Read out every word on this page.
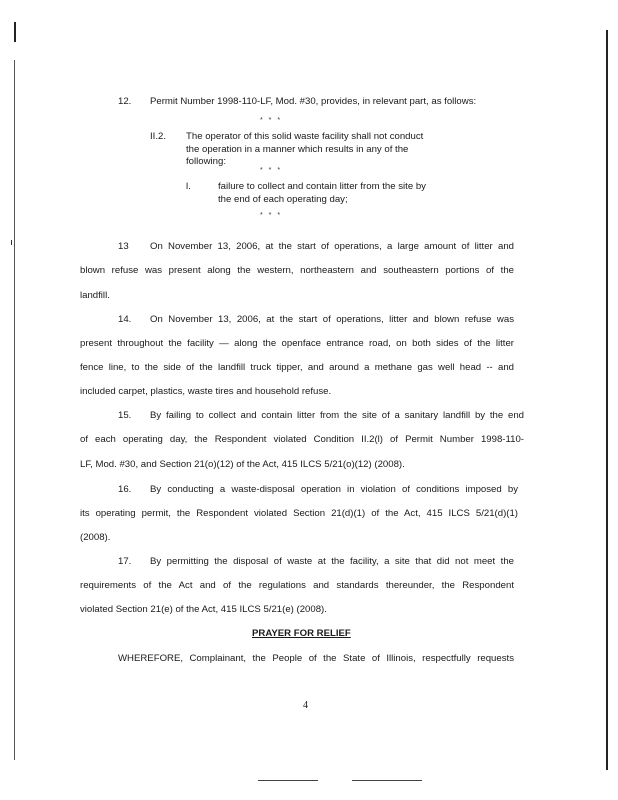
12. Permit Number 1998-110-LF, Mod. #30, provides, in relevant part, as follows:
* * *
II.2. The operator of this solid waste facility shall not conduct
the operation in a manner which results in any of the
following:
* * *
l.	failure to collect and contain litter from the site by
the end of each operating day;
* * *
13 On November 13, 2006, at the start of operations, a large amount of litter and
blown refuse was present along the western, northeastern and southeastern portions of the
landfill.
14. On November 13, 2006, at the start of operations, litter and blown refuse was
present throughout the facility — along the openface entrance road, on both sides of the litter
fence line, to the side of the landfill truck tipper, and around a methane gas well head -- and
included carpet, plastics, waste tires and household refuse.
15. By failing to collect and contain litter from the site of a sanitary landfill by the end
of each operating day, the Respondent violated Condition II.2(l) of Permit Number 1998-110-
LF, Mod. #30, and Section 21(o)(12) of the Act, 415 ILCS 5/21(o)(12) (2008).
16. By conducting a waste-disposal operation in violation of conditions imposed by
its operating permit, the Respondent violated Section 21(d)(1) of the Act, 415 ILCS 5/21(d)(1)
(2008).
17. By permitting the disposal of waste at the facility, a site that did not meet the
requirements of the Act and of the regulations and standards thereunder, the Respondent
violated Section 21(e) of the Act, 415 ILCS 5/21(e) (2008).
PRAYER FOR RELIEF
WHEREFORE, Complainant, the People of the State of Illinois, respectfully requests
4
